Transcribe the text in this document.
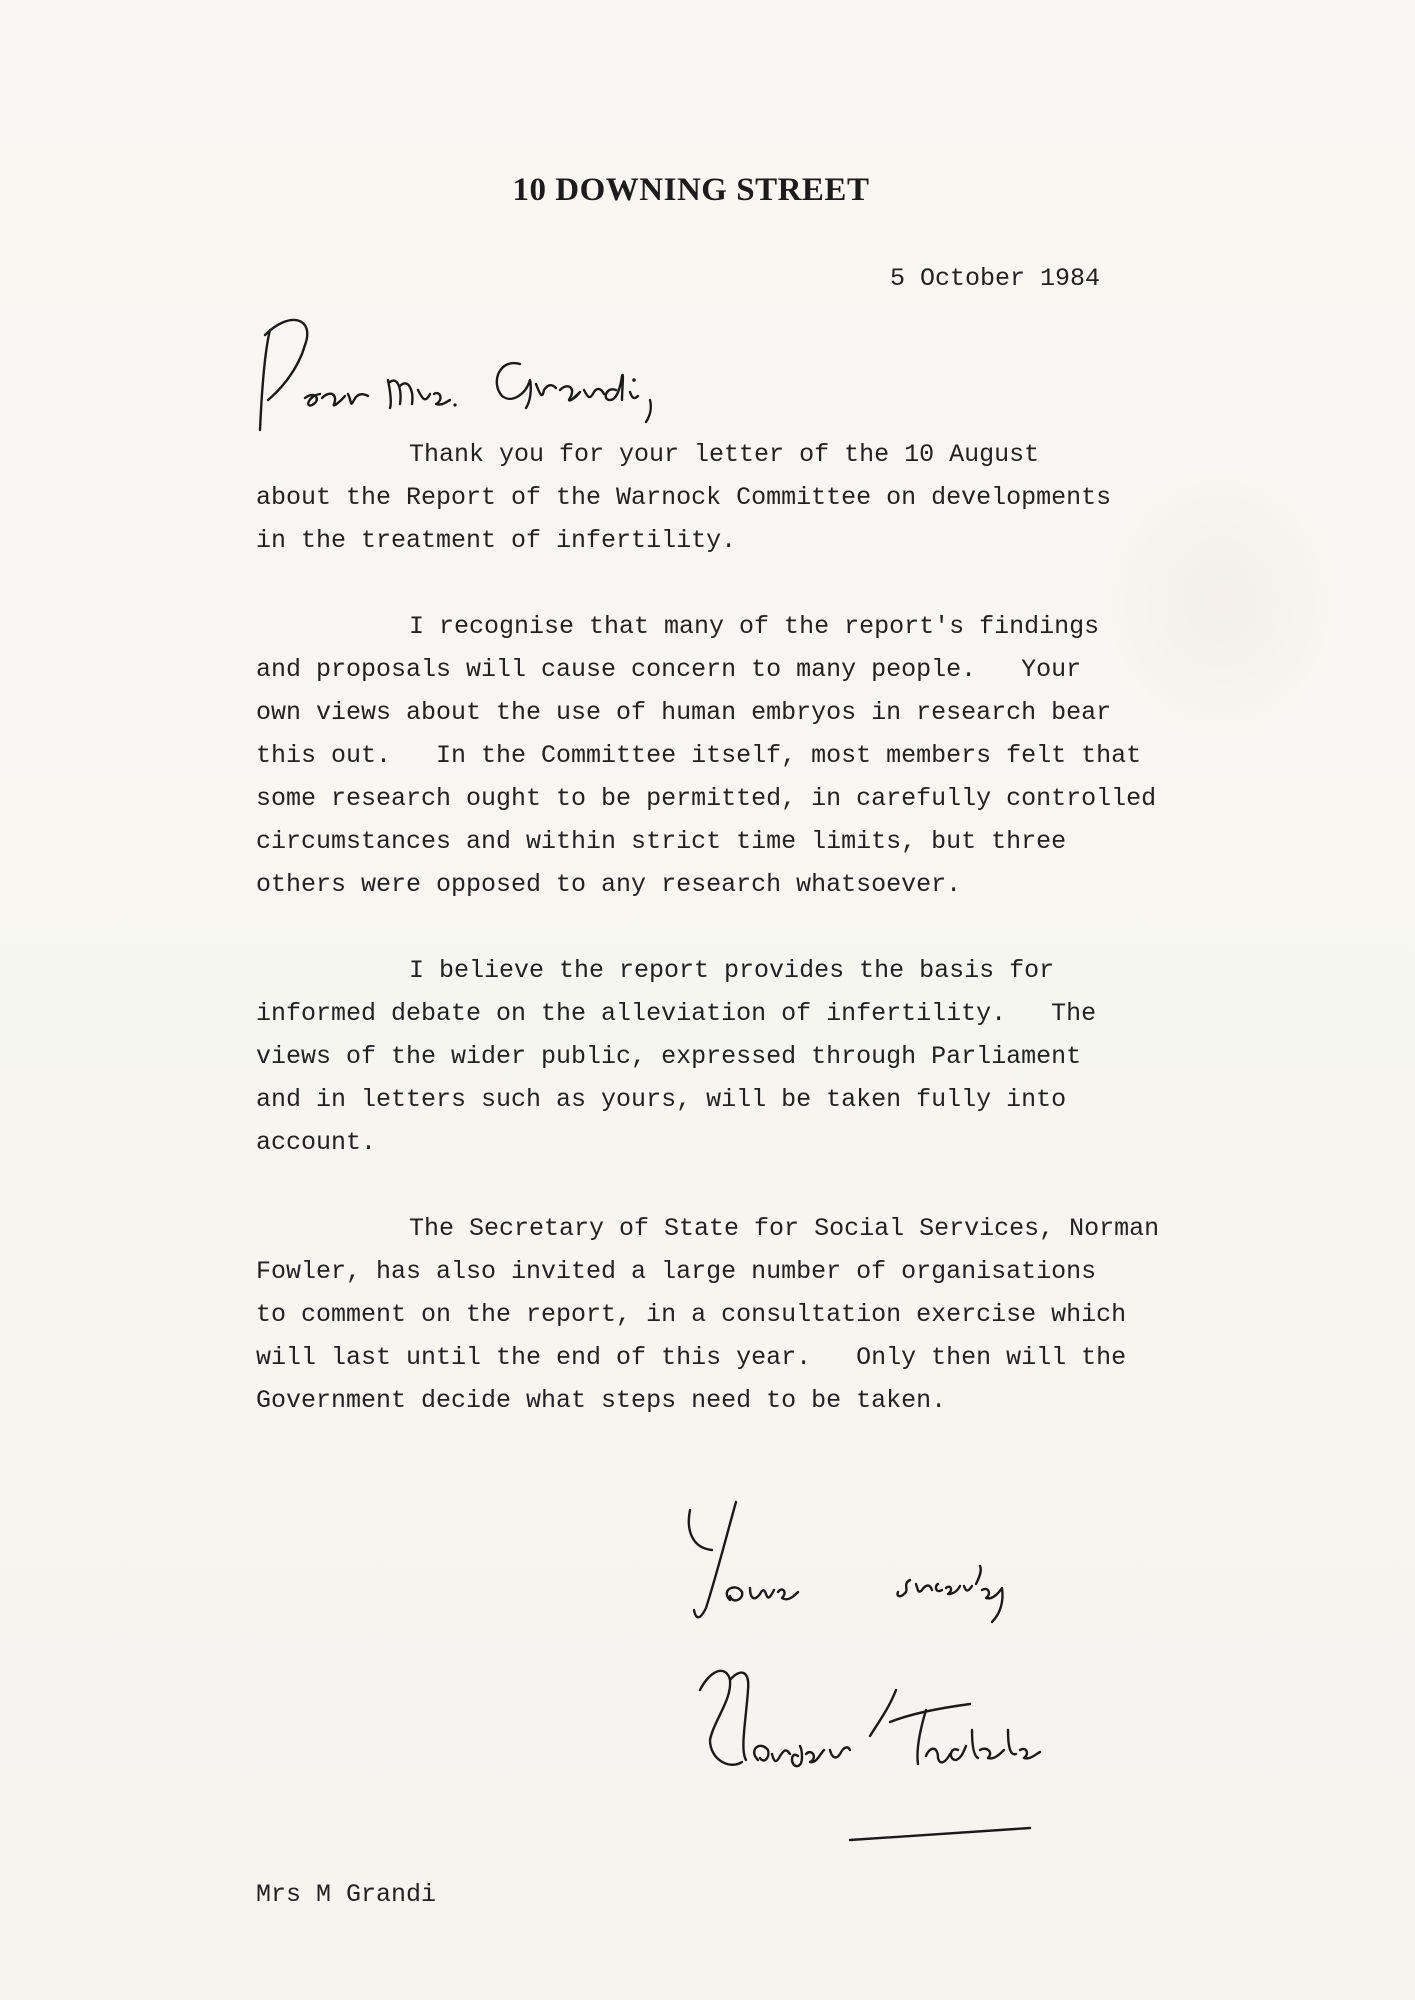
10 DOWNING STREET
5 October 1984

Thank you for your letter of the 10 August
about the Report of the Warnock Committee on developments
in the treatment of infertility.

I recognise that many of the report's findings
and proposals will cause concern to many people.   Your
own views about the use of human embryos in research bear
this out.   In the Committee itself, most members felt that
some research ought to be permitted, in carefully controlled
circumstances and within strict time limits, but three
others were opposed to any research whatsoever.

I believe the report provides the basis for
informed debate on the alleviation of infertility.   The
views of the wider public, expressed through Parliament
and in letters such as yours, will be taken fully into
account.

The Secretary of State for Social Services, Norman
Fowler, has also invited a large number of organisations
to comment on the report, in a consultation exercise which
will last until the end of this year.   Only then will the
Government decide what steps need to be taken.

Mrs M Grandi
